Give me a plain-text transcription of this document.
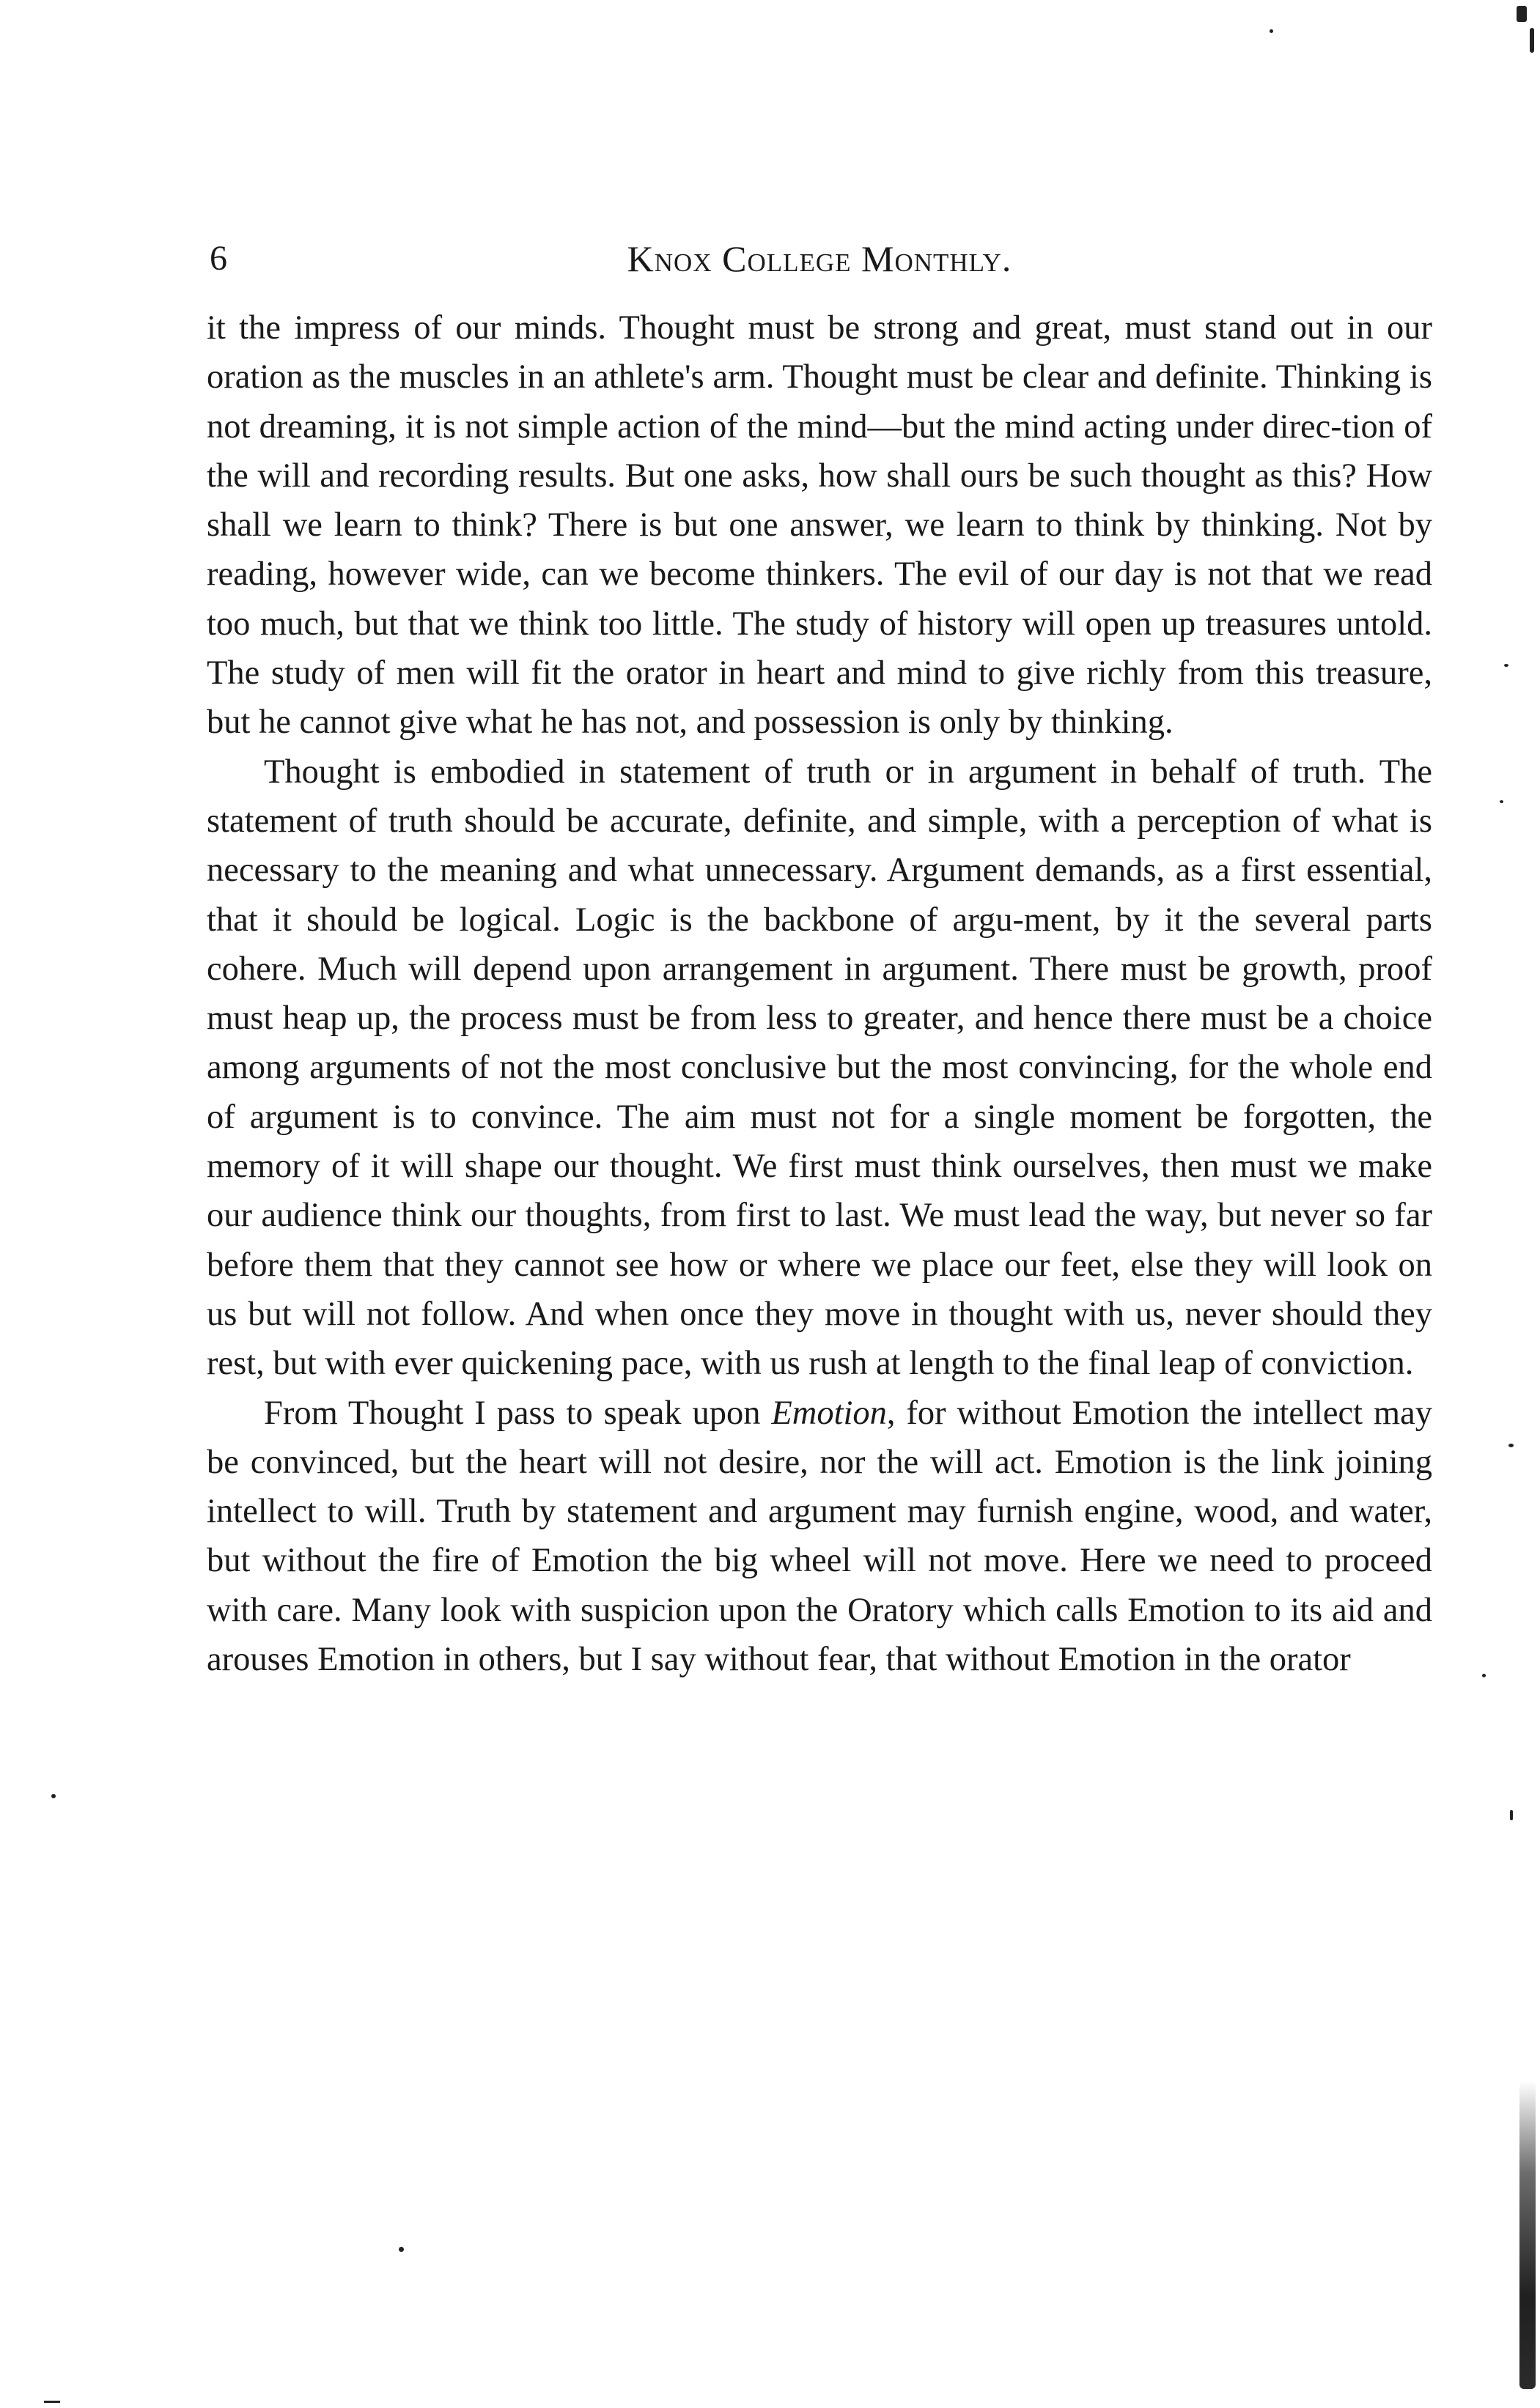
6	Knox College Monthly.

it the impress of our minds. Thought must be strong and great, must stand out in our oration as the muscles in an athlete's arm. Thought must be clear and definite. Thinking is not dreaming, it is not simple action of the mind—but the mind acting under direc-tion of the will and recording results. But one asks, how shall ours be such thought as this? How shall we learn to think? There is but one answer, we learn to think by thinking. Not by reading, however wide, can we become thinkers. The evil of our day is not that we read too much, but that we think too little. The study of history will open up treasures untold. The study of men will fit the orator in heart and mind to give richly from this treasure, but he cannot give what he has not, and possession is only by thinking.

Thought is embodied in statement of truth or in argument in behalf of truth. The statement of truth should be accurate, definite, and simple, with a perception of what is necessary to the meaning and what unnecessary. Argument demands, as a first essential, that it should be logical. Logic is the backbone of argu-ment, by it the several parts cohere. Much will depend upon arrangement in argument. There must be growth, proof must heap up, the process must be from less to greater, and hence there must be a choice among arguments of not the most conclusive but the most convincing, for the whole end of argument is to convince. The aim must not for a single moment be forgotten, the memory of it will shape our thought. We first must think ourselves, then must we make our audience think our thoughts, from first to last. We must lead the way, but never so far before them that they cannot see how or where we place our feet, else they will look on us but will not follow. And when once they move in thought with us, never should they rest, but with ever quickening pace, with us rush at length to the final leap of conviction.

From Thought I pass to speak upon Emotion, for without Emotion the intellect may be convinced, but the heart will not desire, nor the will act. Emotion is the link joining intellect to will. Truth by statement and argument may furnish engine, wood, and water, but without the fire of Emotion the big wheel will not move. Here we need to proceed with care. Many look with suspicion upon the Oratory which calls Emotion to its aid and arouses Emotion in others, but I say without fear, that without Emotion in the orator
